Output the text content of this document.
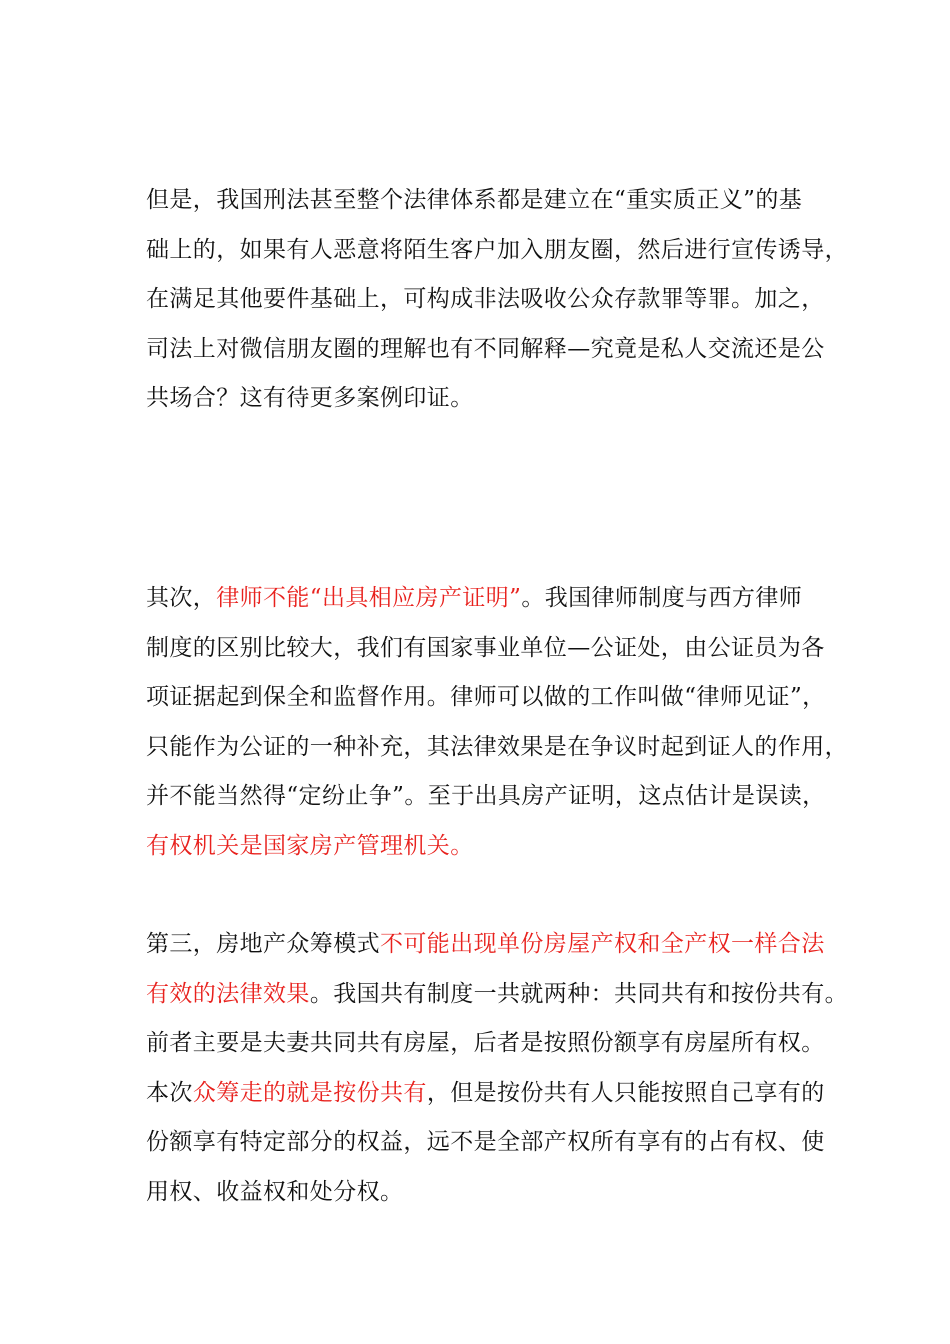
但是，我国刑法甚至整个法律体系都是建立在“重实质正义”的基
础上的，如果有人恶意将陌生客户加入朋友圈，然后进行宣传诱导，
在满足其他要件基础上，可构成非法吸收公众存款罪等罪。加之，
司法上对微信朋友圈的理解也有不同解释—究竟是私人交流还是公
共场合？这有待更多案例印证。

其次，律师不能“出具相应房产证明”。我国律师制度与西方律师
制度的区别比较大，我们有国家事业单位—公证处，由公证员为各
项证据起到保全和监督作用。律师可以做的工作叫做“律师见证”，
只能作为公证的一种补充，其法律效果是在争议时起到证人的作用，
并不能当然得“定纷止争”。至于出具房产证明，这点估计是误读，
有权机关是国家房产管理机关。

第三，房地产众筹模式不可能出现单份房屋产权和全产权一样合法
有效的法律效果。我国共有制度一共就两种：共同共有和按份共有。
前者主要是夫妻共同共有房屋，后者是按照份额享有房屋所有权。
本次众筹走的就是按份共有，但是按份共有人只能按照自己享有的
份额享有特定部分的权益，远不是全部产权所有享有的占有权、使
用权、收益权和处分权。
